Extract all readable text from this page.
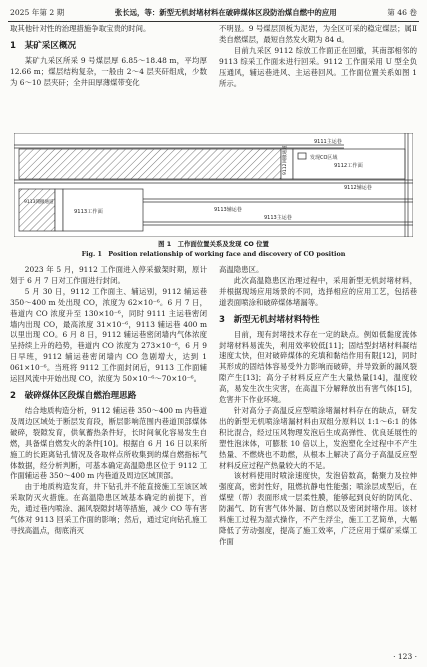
2025 年第 2 期	张长远，等：新型无机封堵材料在破碎煤体区段防治煤自燃中的应用	第 46 卷

取其他针对性的治理措施争取宝贵的时间。

1　某矿采区概况

某矿九采区所采 9 号煤层厚 6.85～18.48 m，平均厚 12.66 m；煤层结构复杂，一般由 2～4 层夹矸组成，少数为 6～10 层夹矸；全井田厚薄煤带变化

不明显。9 号煤层顶板为泥岩，为全区可采的稳定煤层；属Ⅱ类自燃煤层，最短自然发火期为 84 d。

目前九采区 9112 综放工作面正在回撤，其南部相邻的 9113 综采工作面未进行回采。9112 工作面采用 U 型全负压通风，辅运巷进风、主运巷回风。工作面位置关系如图 1 所示。

9111主运巷
9112回撤通道	9112工作面
发现CO区域
9112辅运巷
9113開撤通道
9113工作面	9113辅运巷
9113主运巷
图 1　工作面位置关系及发现 CO 位置
Fig. 1　Position relationship of working face and discovery of CO position

2023 年 5 月，9112 工作面进入停采撤架时期，原计划于 6 月 7 日对工作面进行封闭。

5 月 30 日，9112 工作面主、辅运别，9112 辅运巷 350～400 m 处出现 CO，浓度为 62×10⁻⁶。6 月 7 日，巷道内 CO 浓度升至 130×10⁻⁶，同时 9111 主运巷密闭墙内出现 CO，最高浓度 31×10⁻⁶，9113 辅运巷 400 m 以里出现 CO。6 月 8 日，9112 辅运巷密闭墙内气体浓度呈持续上升的趋势，巷道内 CO 浓度为 273×10⁻⁶，6 月 9 日早班，9112 辅运巷密闭墙内 CO 急剧增大，达到 1 061×10⁻⁶。当班将 9112 工作面封闭后，9113 工作面辅运回风流中开始出现 CO，浓度为 50×10⁻⁶～70×10⁻⁶。

2　破碎煤体区段煤自燃治理思路

结合地质构造分析，9112 辅运巷 350～400 m 内巷道及周边区域处于断层发育段，断层影响范围内巷道顶部煤体破碎，裂隙发育，供氧蓄热条件好，长时间氧化容易发生自燃，具备煤自燃发火的条件[10]。根据自 6 月 16 日以来所施工的长距离钻孔情况及各取样点所收集到的煤自燃指标气体数据，经分析判断，可基本确定高温隐患区位于 9112 工作面辅运巷 350～400 m 内巷道及周边区域顶部。

由于地质构造发育，井下钻孔并不能直接施工至该区域采取防灭火措施。在高温隐患区域基本确定的前提下，首先，通过巷内喷涂、漏风裂隙封堵等措施，减少 CO 等有害气体对 9113 回采工作面的影响；然后，通过定向钻孔施工寻找高温点，彻底消灭

高温隐患区。

此次高温隐患区治理过程中，采用新型无机封堵材料，并根据现场应用场景的不同，选择相应的应用工艺，包括巷道表面喷涂和破碎煤体堵漏等。

3　新型无机封堵材料特性

目前，现有封堵技术存在一定的缺点。例如低黏度流体封堵材料易流失，利用效率较低[11]；固结型封堵材料凝结速度太快，但对破碎煤体的充填和黏结作用有限[12]，同时其形成的固结体容易受外力影响而破碎，并导致新的漏风裂隙产生[13]；高分子材料反应产生大量热量[14]，温度较高，易发生次生灾害，在高温下分解释放出有害气体[15]，危害井下作业环境。

针对高分子高温反应型喷涂堵漏材料存在的缺点，研发出的新型无机喷涂堵漏材料由双组分原料以 1:1～6:1 的体积比混合，经过压风物理发泡后生成高弹性、优良延展性的塑性泡沫体，可膨胀 10 倍以上，发泡塑化全过程中不产生热量、不燃烧也不助燃，从根本上解决了高分子高温反应型材料反应过程产热量较大的不足。

该材料使用时喷涂速度快，发泡倍数高，黏聚力及拉伸强度高，密封性好，阻燃抗静电性能强；喷涂层成型后，在煤壁（帮）表面形成一层柔性膜，能够起到良好的防风化、防漏气、防有害气体外漏、防自燃以及密闭封堵作用。该材料施工过程为湿式操作，不产生浮尘，施工工艺简单，大幅降低了劳动强度，提高了施工效率，广泛应用于煤矿采煤工作面

· 123 ·
